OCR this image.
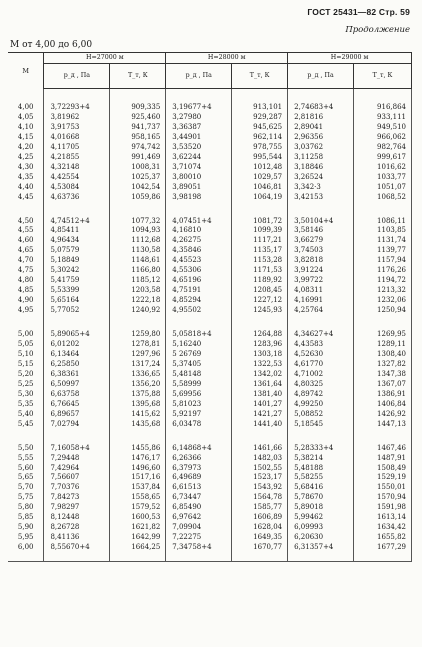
ГОСТ 25431—82 Стр. 59
Продолжение
М от 4,00 до 6,00
М	H=27000 м		H=28000 м		H=29000 м	
	p_д , Па	T_т, К	p_д , Па	T_т, К	p_д , Па	T_т, К

4,00	3,72293+4	909,335	3,19677+4	913,101	2,74683+4	916,864
4,05	3,81962	925,460	3,27980	929,287	2,81816	933,111
4,10	3,91753	941,737	3,36387	945,625	2,89041	949,510
4,15	4,01668	958,165	3,44901	962,114	2,96356	966,062
4,20	4,11705	974,742	3,53520	978,755	3,03762	982,764
4,25	4,21855	991,469	3,62244	995,544	3,11258	999,617
4,30	4,32148	1008,31	3,71074	1012,48	3,18846	1016,62
4,35	4,42554	1025,37	3,80010	1029,57	3,26524	1033,77
4,40	4,53084	1042,54	3,89051	1046,81	3,342·3	1051,07
4,45	4,63736	1059,86	3,98198	1064,19	3,42153	1068,52

4,50	4,74512+4	1077,32	4,07451+4	1081,72	3,50104+4	1086,11
4,55	4,85411	1094,93	4,16810	1099,39	3,58146	1103,85
4,60	4,96434	1112,68	4,26275	1117,21	3,66279	1131,74
4,65	5,07579	1130,58	4,35846	1135,17	3,74503	1139,77
4,70	5,18849	1148,61	4,45523	1153,28	3,82818	1157,94
4,75	5,30242	1166,80	4,55306	1171,53	3,91224	1176,26
4,80	5,41759	1185,12	4,65196	1189,92	3,99722	1194,72
4,85	5,53399	1203,58	4,75191	1208,45	4,08311	1213,32
4,90	5,65164	1222,18	4,85294	1227,12	4,16991	1232,06
4,95	5,77052	1240,92	4,95502	1245,93	4,25764	1250,94

5,00	5,89065+4	1259,80	5,05818+4	1264,88	4,34627+4	1269,95
5,05	6,01202	1278,81	5,16240	1283,96	4,43583	1289,11
5,10	6,13464	1297,96	5 26769	1303,18	4,52630	1308,40
5,15	6,25850	1317,24	5,37405	1322,53	4,61770	1327,82
5,20	6,38361	1336,65	5,48148	1342,02	4,71002	1347,38
5,25	6,50997	1356,20	5,58999	1361,64	4,80325	1367,07
5,30	6,63758	1375,88	5,69956	1381,40	4,89742	1386,91
5,35	6,76645	1395,68	5,81023	1401,27	4,99250	1406,84
5,40	6,89657	1415,62	5,92197	1421,27	5,08852	1426,92
5,45	7,02794	1435,68	6,03478	1441,40	5,18545	1447,13

5,50	7,16058+4	1455,86	6,14868+4	1461,66	5,28333+4	1467,46
5,55	7,29448	1476,17	6,26366	1482,03	5,38214	1487,91
5,60	7,42964	1496,60	6,37973	1502,55	5,48188	1508,49
5,65	7,56607	1517,16	6,49689	1523,17	5,58255	1529,19
5,70	7,70376	1537,84	6,61513	1543,92	5,68416	1550,01
5,75	7,84273	1558,65	6,73447	1564,78	5,78670	1570,94
5,80	7,98297	1579,52	6,85490	1585,77	5,89018	1591,98
5,85	8,12448	1600,53	6,97642	1606,89	5,99462	1613,14
5,90	8,26728	1621,82	7,09904	1628,04	6,09993	1634,42
5,95	8,41136	1642,99	7,22275	1649,35	6,20630	1655,82
6,00	8,55670+4	1664,25	7,34758+4	1670,77	6,31357+4	1677,29
